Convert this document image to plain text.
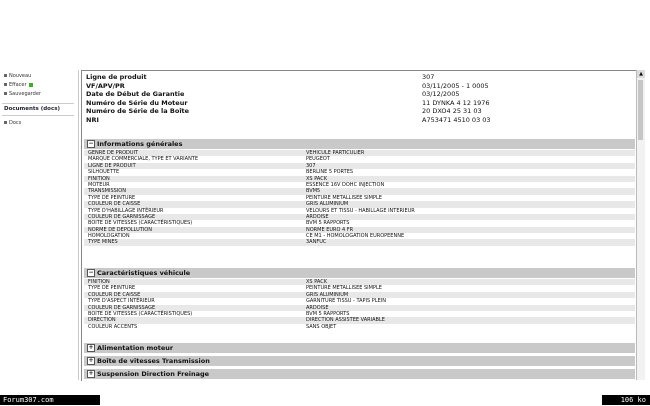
Nouveau
Effacer
Sauvegarder
Documents (docs)
Docs
Ligne de produit	307
VF/APV/PR	03/11/2005 - 1 0005
Date de Début de Garantie	03/12/2005
Numéro de Série du Moteur	11 DYNKA 4 12 1976
Numéro de Série de la Boîte	20 DXO4 25 31 03
NRI	A753471 4510 03 03
− Informations générales
GENRE DE PRODUIT	VEHICULE PARTICULIER
MARQUE COMMERCIALE, TYPE ET VARIANTE	PEUGEOT
LIGNE DE PRODUIT	307
SILHOUETTE	BERLINE 5 PORTES
FINITION	XS PACK
MOTEUR	ESSENCE 16V DOHC INJECTION
TRANSMISSION	BVM5
TYPE DE PEINTURE	PEINTURE METALLISEE SIMPLE
COULEUR DE CAISSE	GRIS ALUMINIUM
TYPE D'HABILLAGE INTÉRIEUR	VELOURS ET TISSU - HABILLAGE INTERIEUR
COULEUR DE GARNISSAGE	ARDOISE
BOITE DE VITESSES (CARACTÉRISTIQUES)	BVM 5 RAPPORTS
NORME DE DEPOLLUTION	NORME EURO 4 FR
HOMOLOGATION	CE M1 - HOMOLOGATION EUROPEENNE
TYPE MINES	3ANFUC
− Caractéristiques véhicule
FINITION	XS PACK
TYPE DE PEINTURE	PEINTURE METALLISEE SIMPLE
COULEUR DE CAISSE	GRIS ALUMINIUM
TYPE D'ASPECT INTÉRIEUR	GARNITURE TISSU - TAPIS PLEIN
COULEUR DE GARNISSAGE	ARDOISE
BOITE DE VITESSES (CARACTÉRISTIQUES)	BVM 5 RAPPORTS
DIRECTION	DIRECTION ASSISTEE VARIABLE
COULEUR ACCENTS	SANS OBJET
+ Alimentation moteur
+ Boîte de vitesses Transmission
+ Suspension Direction Freinage
▲
Forum307.com	106 ko
